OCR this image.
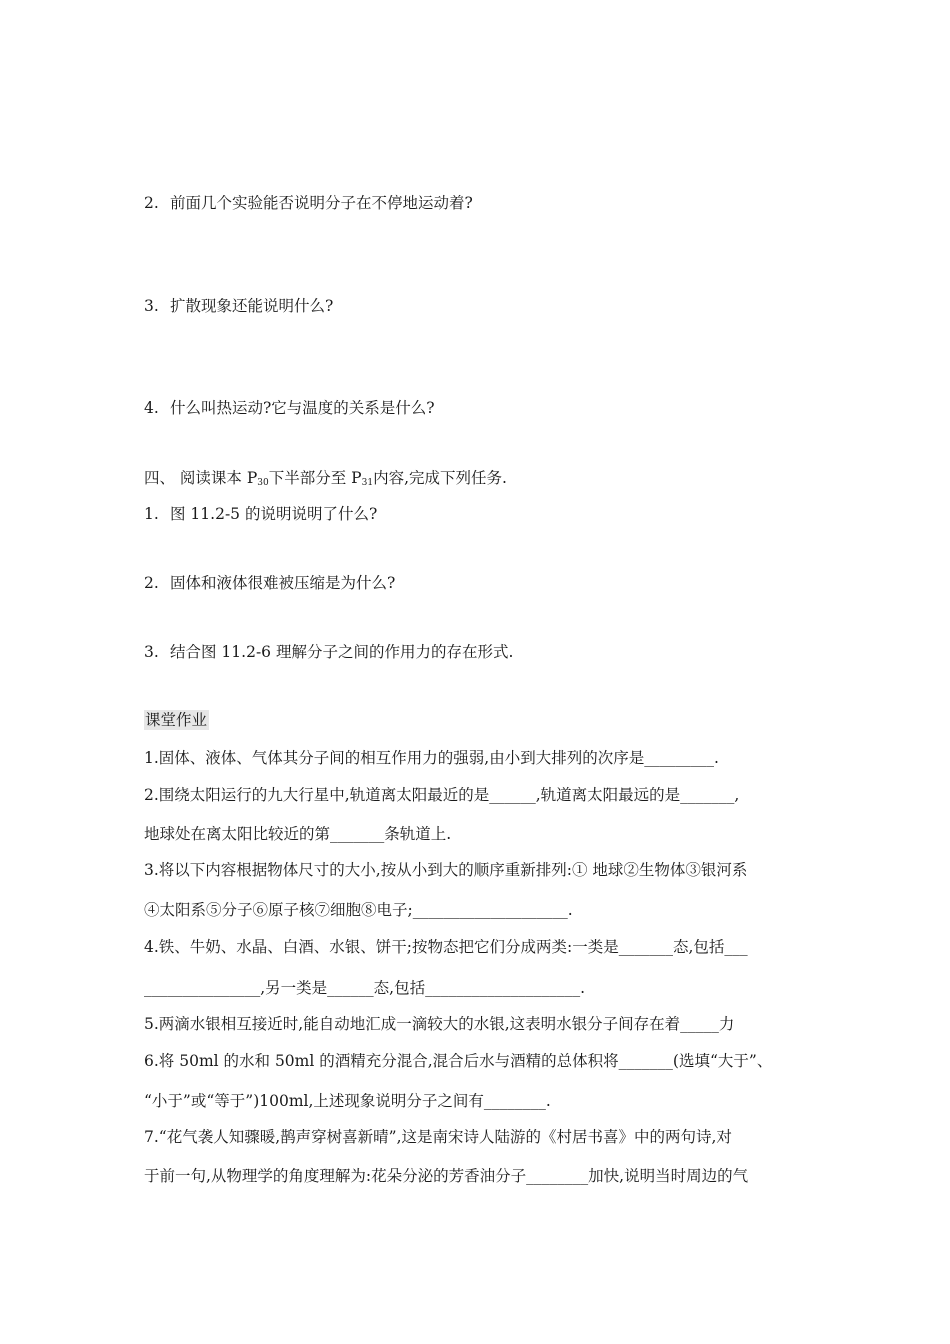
2. 前面几个实验能否说明分子在不停地运动着?
3. 扩散现象还能说明什么?
4. 什么叫热运动?它与温度的关系是什么?
四、 阅读课本 $P_{30}$下半部分至 $P_{31}$内容,完成下列任务.
1. 图 11.2-5 的说明说明了什么?
2. 固体和液体很难被压缩是为什么?
3. 结合图 11.2-6 理解分子之间的作用力的存在形式.
课堂作业
1.固体、液体、气体其分子间的相互作用力的强弱,由小到大排列的次序是_________.
2.围绕太阳运行的九大行星中,轨道离太阳最近的是______,轨道离太阳最远的是_______,
地球处在离太阳比较近的第_______条轨道上.
3.将以下内容根据物体尺寸的大小,按从小到大的顺序重新排列:① 地球②生物体③银河系
④太阳系⑤分子⑥原子核⑦细胞⑧电子;____________________.
4.铁、牛奶、水晶、白酒、水银、饼干;按物态把它们分成两类:一类是_______态,包括___
_______________,另一类是______态,包括____________________.
5.两滴水银相互接近时,能自动地汇成一滴较大的水银,这表明水银分子间存在着_____力
6.将 50ml 的水和 50ml 的酒精充分混合,混合后水与酒精的总体积将_______(选填“大于”、
“小于”或“等于”)100ml,上述现象说明分子之间有________.
7.“花气袭人知骤暖,鹊声穿树喜新晴”,这是南宋诗人陆游的《村居书喜》中的两句诗,对
于前一句,从物理学的角度理解为:花朵分泌的芳香油分子________加快,说明当时周边的气
